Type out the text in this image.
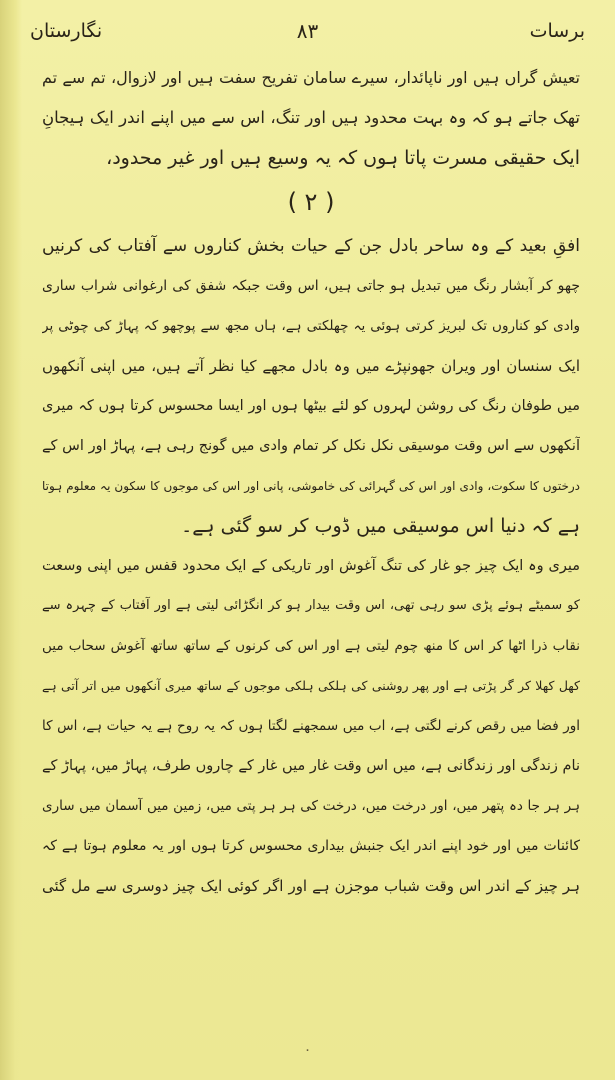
برسات
۸۳
نگارستان
تعیش گراں ہیں اور ناپائدار، سیرے سامان تفریح سفت ہیں اور لازوال، تم سے تم
تھک جاتے ہو کہ وہ بہت محدود ہیں اور تنگ، اس سے میں اپنے اندر ایک ہیجانِ
ایک حقیقی مسرت پاتا ہوں کہ یہ وسیع ہیں اور غیر محدود،
( ۲ )
افقِ بعید کے وہ ساحر بادل جن کے حیات بخش کناروں سے آفتاب کی کرنیں
چھو کر آبشار رنگ میں تبدیل ہو جاتی ہیں، اس وقت جبکہ شفق کی ارغوانی شراب ساری
وادی کو کناروں تک لبریز کرتی ہوئی یہ چھلکتی ہے، ہاں مجھ سے پوچھو کہ پہاڑ کی چوٹی پر
ایک سنسان اور ویران جھونپڑے میں وہ بادل مجھے کیا نظر آتے ہیں، میں اپنی آنکھوں
میں طوفان رنگ کی روشن لہروں کو لئے بیٹھا ہوں اور ایسا محسوس کرتا ہوں کہ میری
آنکھوں سے اس وقت موسیقی نکل نکل کر تمام وادی میں گونج رہی ہے، پہاڑ اور اس کے
درختوں کا سکوت، وادی اور اس کی گہرائی کی خاموشی، پانی اور اس کی موجوں کا سکون یہ معلوم ہوتا
ہے کہ دنیا اس موسیقی میں ڈوب کر سو گئی ہے۔
میری وہ ایک چیز جو غار کی تنگ آغوش اور تاریکی کے ایک محدود قفس میں اپنی وسعت
کو سمیٹے ہوئے پڑی سو رہی تھی، اس وقت بیدار ہو کر انگڑائی لیتی ہے اور آفتاب کے چہرہ سے
نقاب ذرا اٹھا کر اس کا منھ چوم لیتی ہے اور اس کی کرنوں کے ساتھ ساتھ آغوش سحاب میں
کھل کھلا کر گر پڑتی ہے اور پھر روشنی کی ہلکی ہلکی موجوں کے ساتھ میری آنکھوں میں اتر آتی ہے
اور فضا میں رقص کرنے لگتی ہے، اب میں سمجھنے لگتا ہوں کہ یہ روح ہے یہ حیات ہے، اس کا
نام زندگی اور زندگانی ہے، میں اس وقت غار میں غار کے چاروں طرف، پہاڑ میں، پہاڑ کے
ہر ہر جا دہ پتھر میں، اور درخت میں، درخت کی ہر ہر پتی میں، زمین میں آسمان میں ساری
کائنات میں اور خود اپنے اندر ایک جنبش بیداری محسوس کرتا ہوں اور یہ معلوم ہوتا ہے کہ
ہر چیز کے اندر اس وقت شباب موجزن ہے اور اگر کوئی ایک چیز دوسری سے مل گئی
۰
